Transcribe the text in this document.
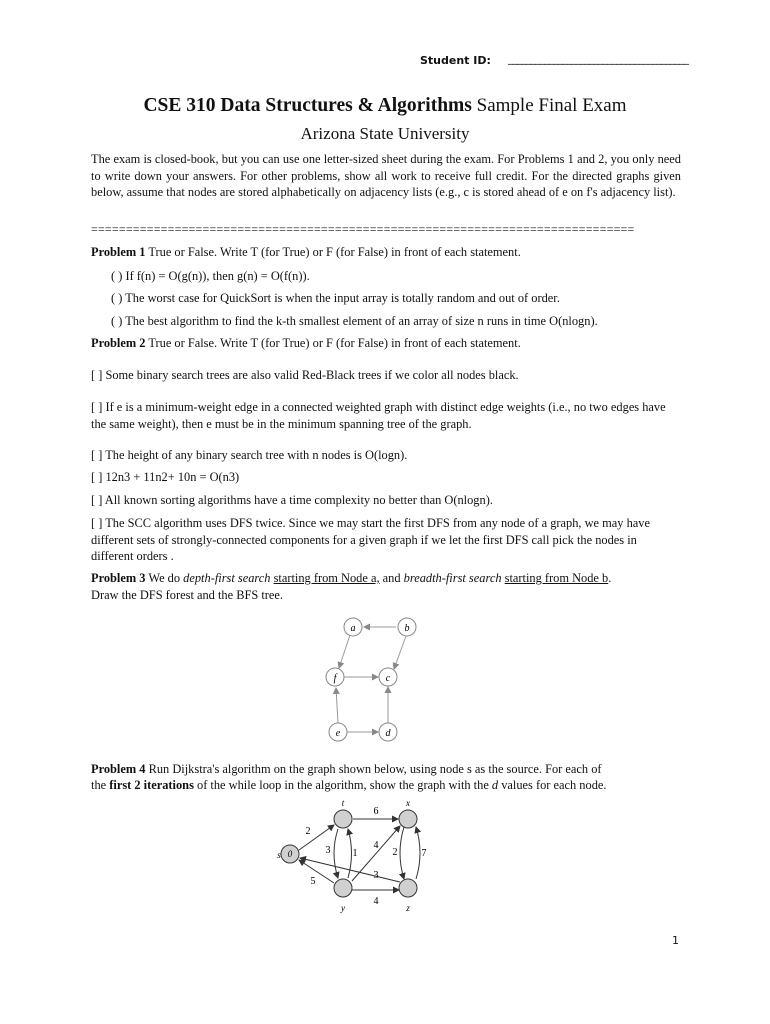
Student ID: ________________________________________
CSE 310 Data Structures & Algorithms Sample Final Exam
Arizona State University
The exam is closed-book, but you can use one letter-sized sheet during the exam. For Problems 1 and 2, you only need to write down your answers. For other problems, show all work to receive full credit. For the directed graphs given below, assume that nodes are stored alphabetically on adjacency lists (e.g., c is stored ahead of e on f's adjacency list).
==============================================================================
Problem 1 True or False. Write T (for True) or F (for False) in front of each statement.
( ) If f(n) = O(g(n)), then g(n) = O(f(n)).
( ) The worst case for QuickSort is when the input array is totally random and out of order.
( ) The best algorithm to find the k-th smallest element of an array of size n runs in time O(nlogn).
Problem 2 True or False. Write T (for True) or F (for False) in front of each statement.
[ ] Some binary search trees are also valid Red-Black trees if we color all nodes black.
[ ] If e is a minimum-weight edge in a connected weighted graph with distinct edge weights (i.e., no two edges have the same weight), then e must be in the minimum spanning tree of the graph.
[ ] The height of any binary search tree with n nodes is O(logn).
[ ] 12n3 + 11n2+ 10n = O(n3)
[ ] All known sorting algorithms have a time complexity no better than O(nlogn).
[ ] The SCC algorithm uses DFS twice. Since we may start the first DFS from any node of a graph, we may have different sets of strongly-connected components for a given graph if we let the first DFS call pick the nodes in different orders .
Problem 3 We do depth-first search starting from Node a, and breadth-first search starting from Node b.
Draw the DFS forest and the BFS tree.
a	b
f	c
e	d
Problem 4 Run Dijkstra's algorithm on the graph shown below, using node s as the source. For each of
the first 2 iterations of the while loop in the algorithm, show the graph with the d values for each node.
0
s
t	x
y	z
2
6
3 1
4
2 7
5
3
4
1
